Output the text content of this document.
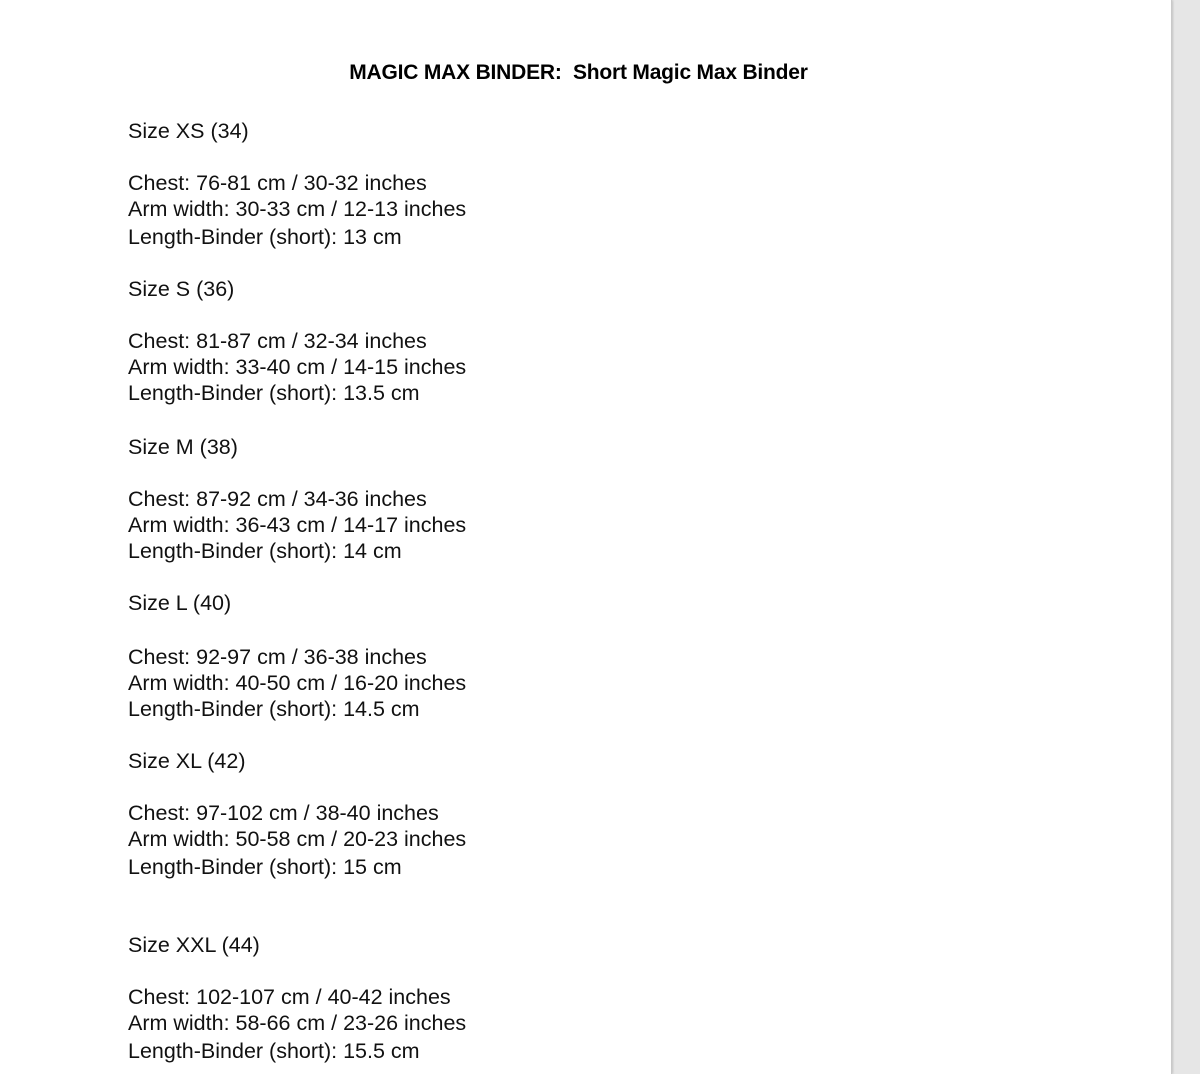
MAGIC MAX BINDER:  Short Magic Max Binder
Size XS (34)
Chest: 76-81 cm / 30-32 inches
Arm width: 30-33 cm / 12-13 inches
Length-Binder (short): 13 cm
Size S (36)
Chest: 81-87 cm / 32-34 inches
Arm width: 33-40 cm / 14-15 inches
Length-Binder (short): 13.5 cm
Size M (38)
Chest: 87-92 cm / 34-36 inches
Arm width: 36-43 cm / 14-17 inches
Length-Binder (short): 14 cm
Size L (40)
Chest: 92-97 cm / 36-38 inches
Arm width: 40-50 cm / 16-20 inches
Length-Binder (short): 14.5 cm
Size XL (42)
Chest: 97-102 cm / 38-40 inches
Arm width: 50-58 cm / 20-23 inches
Length-Binder (short): 15 cm
Size XXL (44)
Chest: 102-107 cm / 40-42 inches
Arm width: 58-66 cm / 23-26 inches
Length-Binder (short): 15.5 cm
